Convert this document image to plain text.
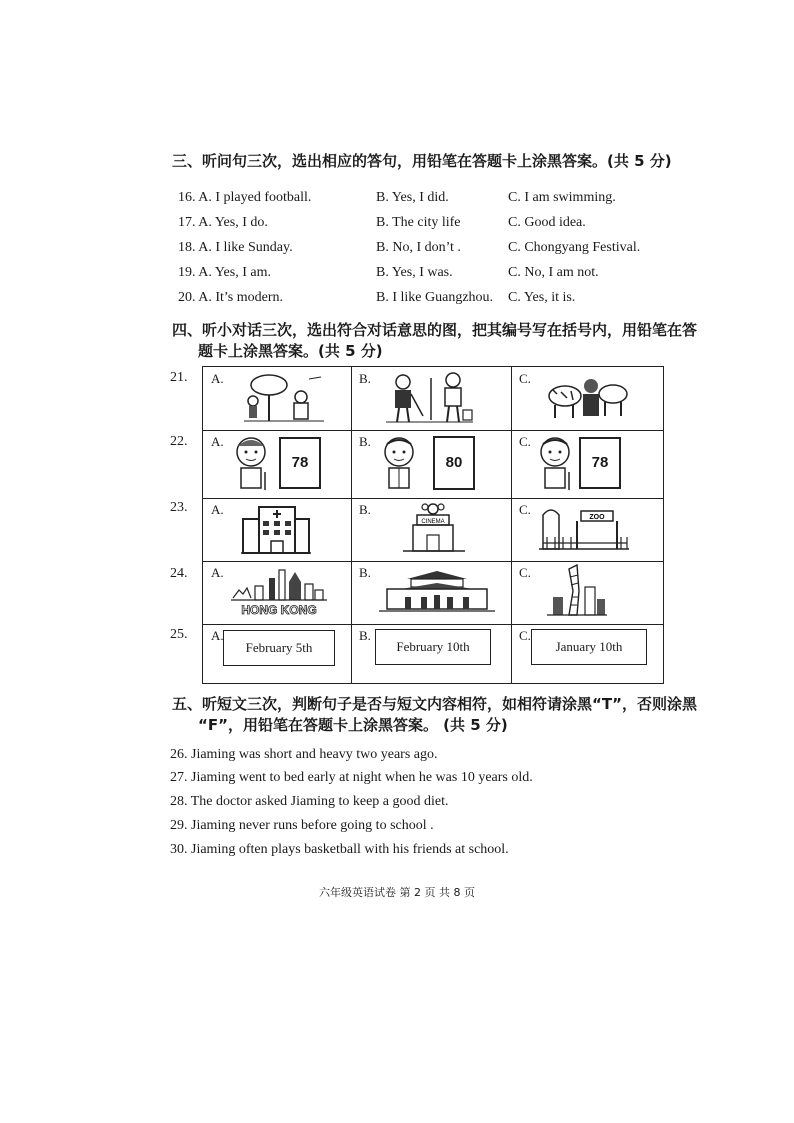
三、听问句三次，选出相应的答句，用铅笔在答题卡上涂黑答案。(共 5 分)
16. A. I played football.	B. Yes, I did.	C. I am swimming.
17. A. Yes, I do.	B. The city life	C. Good idea.
18. A. I like Sunday.	B. No, I don’t .	C. Chongyang Festival.
19. A. Yes, I am.	B. Yes, I was.	C. No, I am not.
20. A. It’s modern.	B. I like Guangzhou. C. Yes, it is.
四、听小对话三次，选出符合对话意思的图，把其编号写在括号内，用铅笔在答
题卡上涂黑答案。(共 5 分)
21.
22.
23.
24.
25.
A.	B.	C.
A.
78
B.
80
C.
78
A.	B.
CINEMA
C.
ZOO
A.
HONG KONG
B.	C.
A.
February 5th
B.
February 10th
C.
January 10th
五、听短文三次，判断句子是否与短文内容相符，如相符请涂黑“T”，否则涂黑
“F”，用铅笔在答题卡上涂黑答案。 (共 5 分)
26. Jiaming was short and heavy two years ago.
27. Jiaming went to bed early at night when he was 10 years old.
28. The doctor asked Jiaming to keep a good diet.
29. Jiaming never runs before going to school .
30. Jiaming often plays basketball with his friends at school.
六年级英语试卷 第 2 页 共 8 页
